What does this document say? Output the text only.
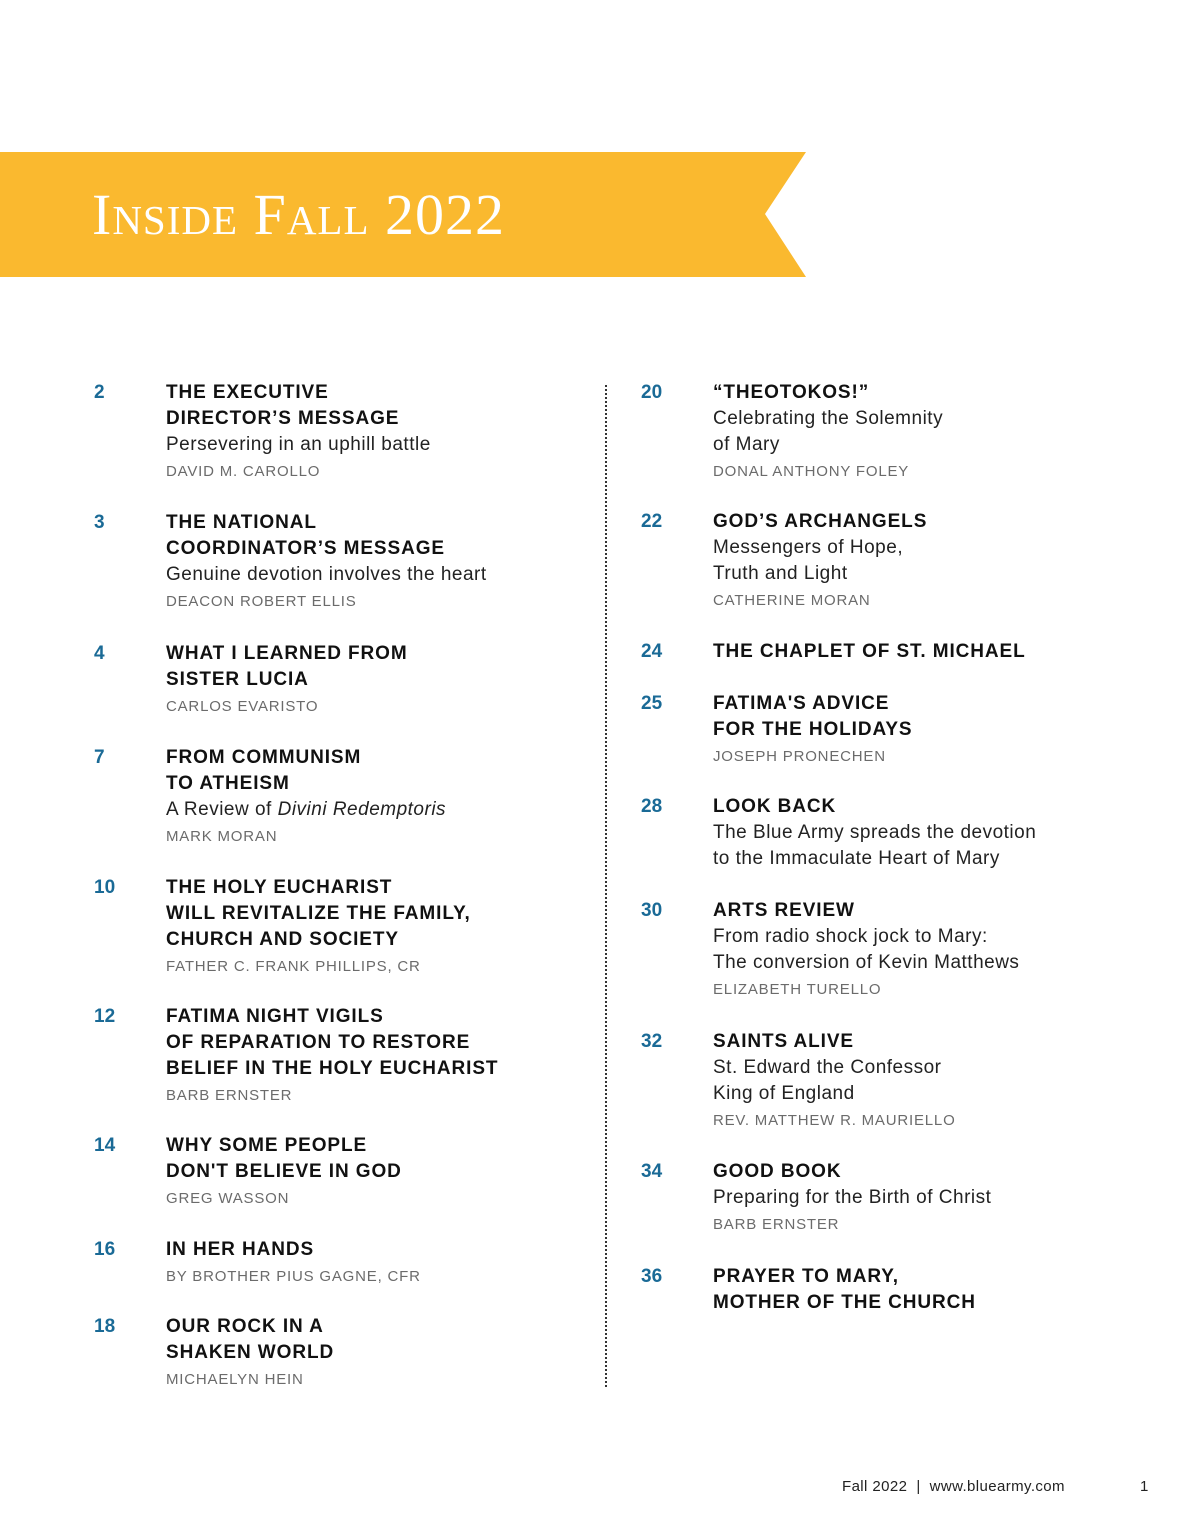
Inside Fall 2022
2	THE EXECUTIVE
DIRECTOR’S MESSAGE
Persevering in an uphill battle
DAVID M. CAROLLO
3	THE NATIONAL
COORDINATOR’S MESSAGE
Genuine devotion involves the heart
DEACON ROBERT ELLIS
4	WHAT I LEARNED FROM
SISTER LUCIA
CARLOS EVARISTO
7	FROM COMMUNISM
TO ATHEISM
A Review of Divini Redemptoris
MARK MORAN
10	THE HOLY EUCHARIST
WILL REVITALIZE THE FAMILY,
CHURCH AND SOCIETY
FATHER C. FRANK PHILLIPS, CR
12	FATIMA NIGHT VIGILS
OF REPARATION TO RESTORE
BELIEF IN THE HOLY EUCHARIST
BARB ERNSTER
14	WHY SOME PEOPLE
DON'T BELIEVE IN GOD
GREG WASSON
16	IN HER HANDS
BY BROTHER PIUS GAGNE, CFR
18	OUR ROCK IN A
SHAKEN WORLD
MICHAELYN HEIN
20	“THEOTOKOS!”
Celebrating the Solemnity
of Mary
DONAL ANTHONY FOLEY
22	GOD’S ARCHANGELS
Messengers of Hope,
Truth and Light
CATHERINE MORAN
24	THE CHAPLET OF ST. MICHAEL
25	FATIMA'S ADVICE
FOR THE HOLIDAYS
JOSEPH PRONECHEN
28	LOOK BACK
The Blue Army spreads the devotion
to the Immaculate Heart of Mary
30	ARTS REVIEW
From radio shock jock to Mary:
The conversion of Kevin Matthews
ELIZABETH TURELLO
32	SAINTS ALIVE
St. Edward the Confessor
King of England
REV. MATTHEW R. MAURIELLO
34	GOOD BOOK
Preparing for the Birth of Christ
BARB ERNSTER
36	PRAYER TO MARY,
MOTHER OF THE CHURCH
Fall 2022 | www.bluearmy.com	1
